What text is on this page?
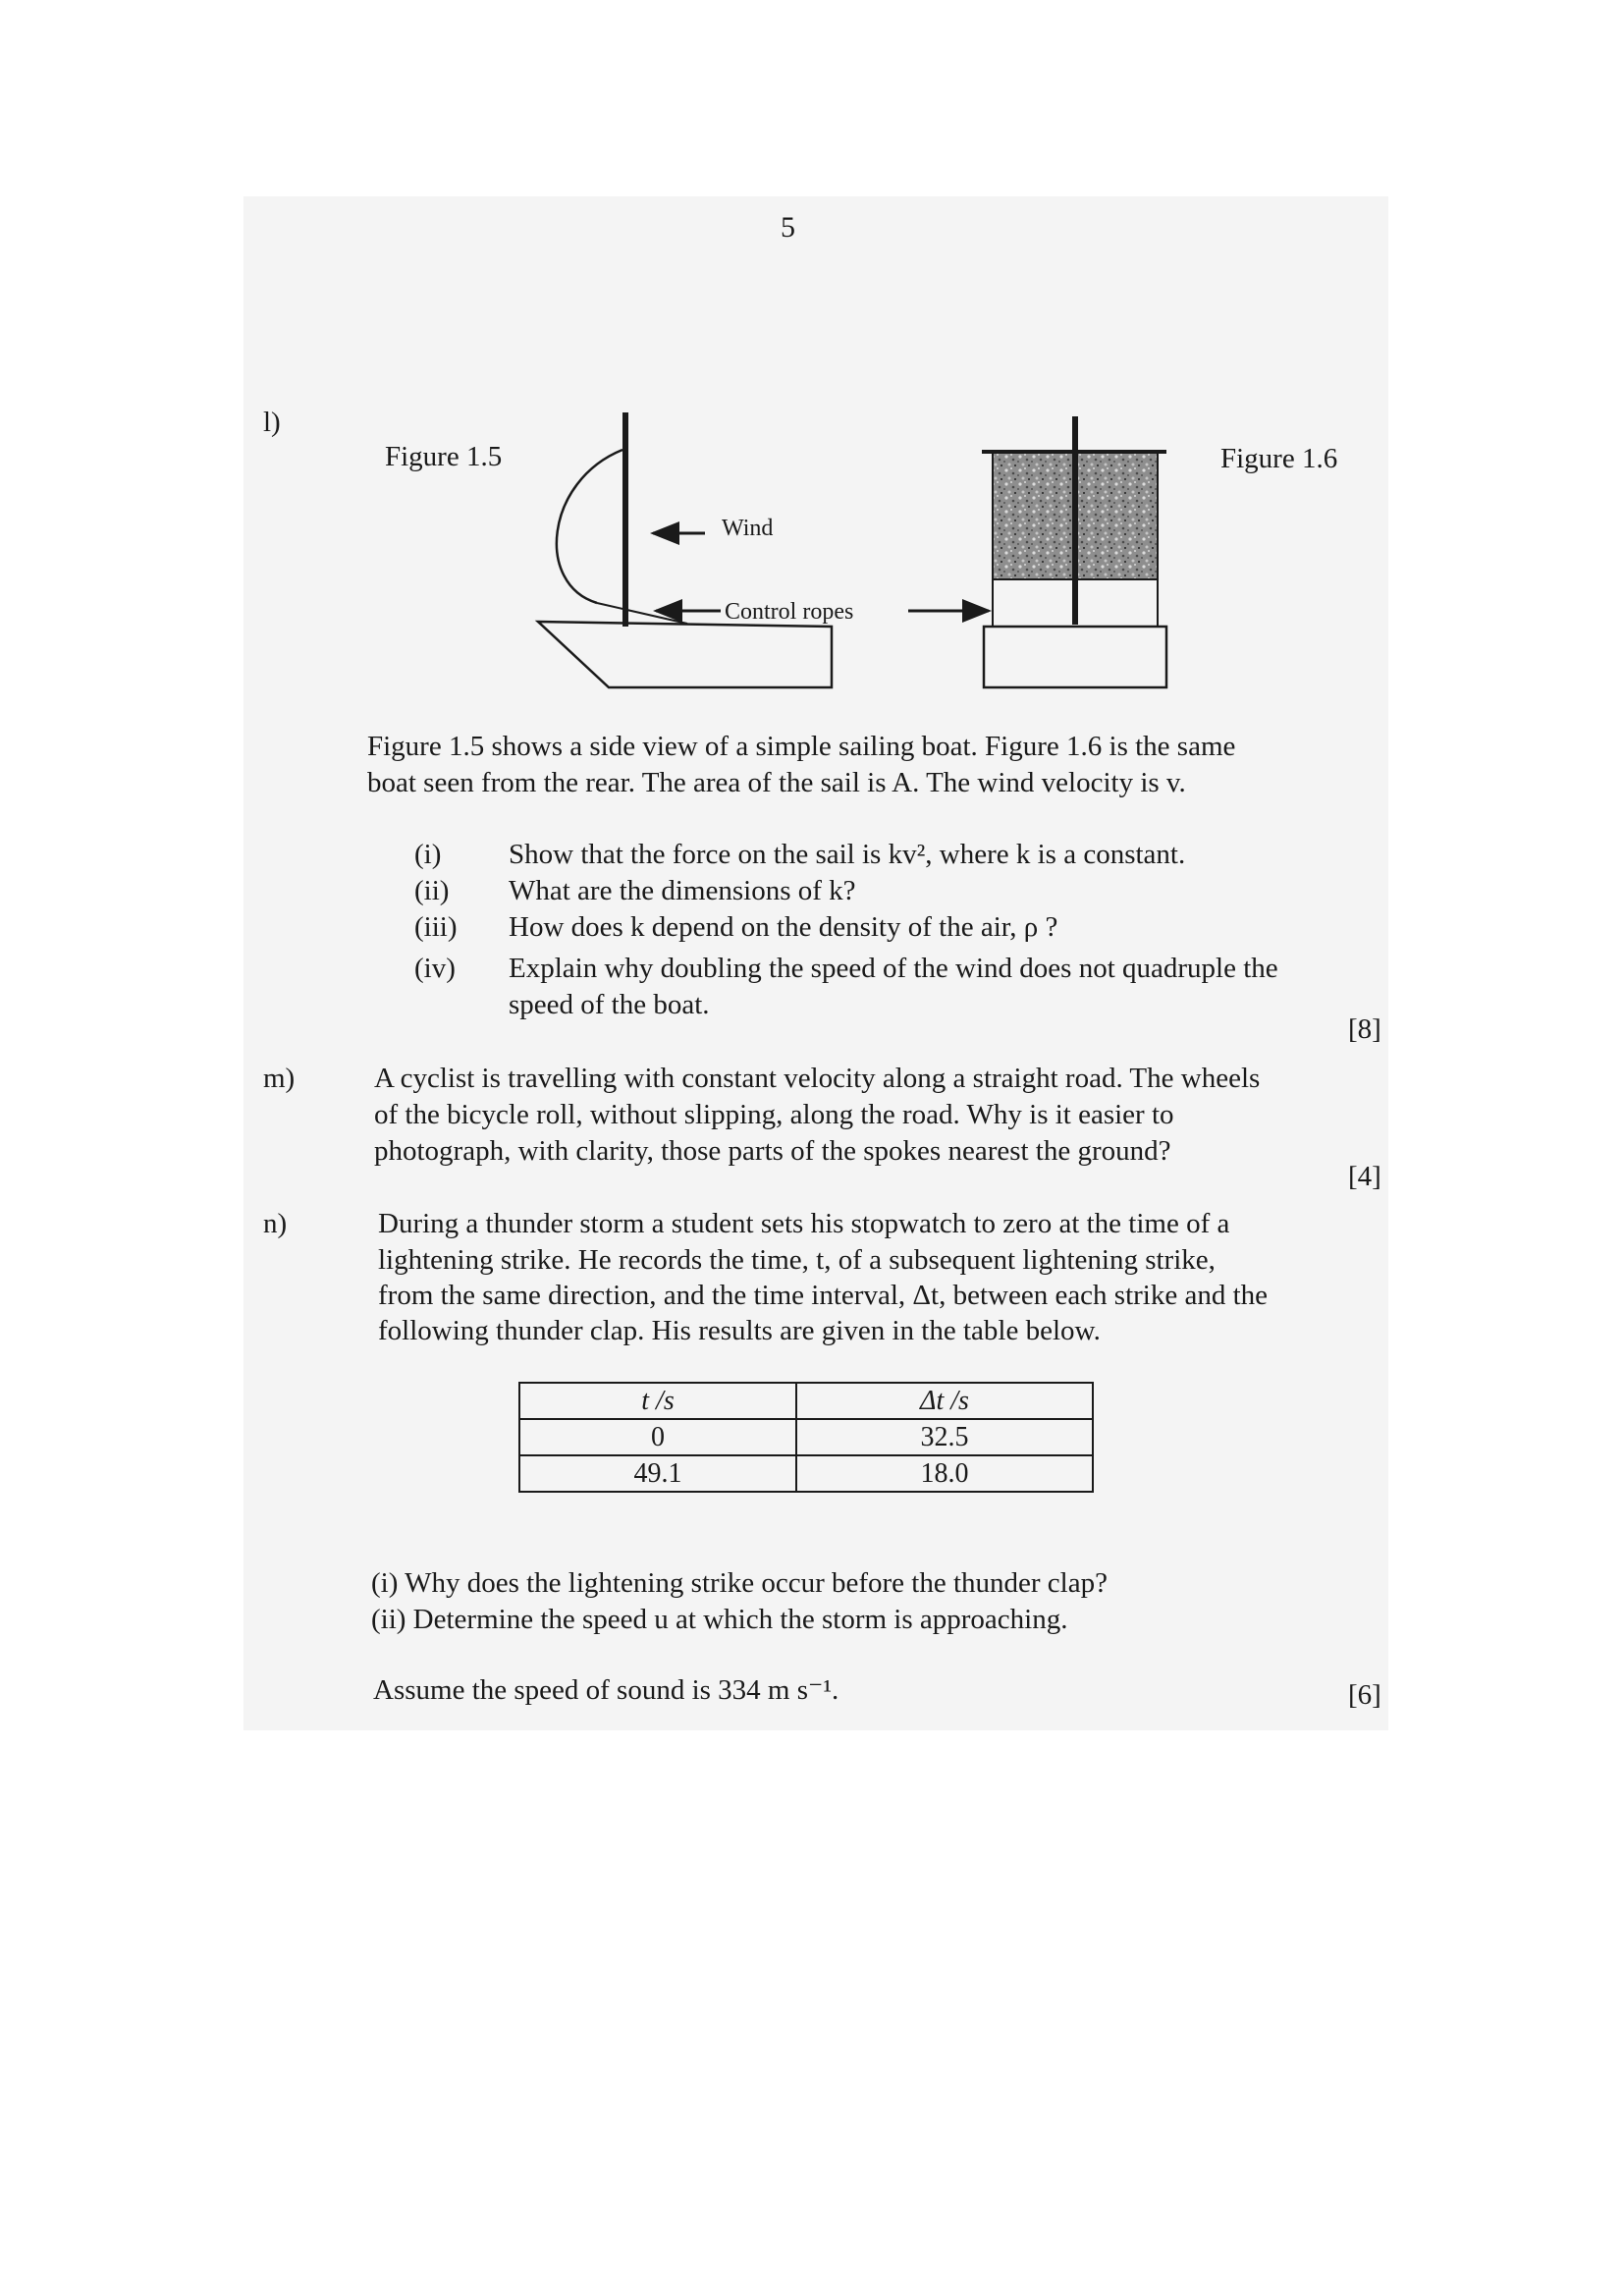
5
l)
Figure 1.5	Figure 1.6
Wind
Control ropes
Figure 1.5 shows a side view of a simple sailing boat. Figure 1.6 is the same
boat seen from the rear. The area of the sail is A. The wind velocity is v.
(i) Show that the force on the sail is kv², where k is a constant.
(ii) What are the dimensions of k?
(iii) How does k depend on the density of the air, ρ ?
(iv) Explain why doubling the speed of the wind does not quadruple the
speed of the boat.
[8]
m)	A cyclist is travelling with constant velocity along a straight road. The wheels
of the bicycle roll, without slipping, along the road. Why is it easier to
photograph, with clarity, those parts of the spokes nearest the ground?
[4]
n)	During a thunder storm a student sets his stopwatch to zero at the time of a
lightening strike. He records the time, t, of a subsequent lightening strike,
from the same direction, and the time interval, Δt, between each strike and the
following thunder clap. His results are given in the table below.
t /s	Δt /s
0	32.5
49.1	18.0
(i) Why does the lightening strike occur before the thunder clap?
(ii) Determine the speed u at which the storm is approaching.
Assume the speed of sound is 334 m s⁻¹.	[6]
